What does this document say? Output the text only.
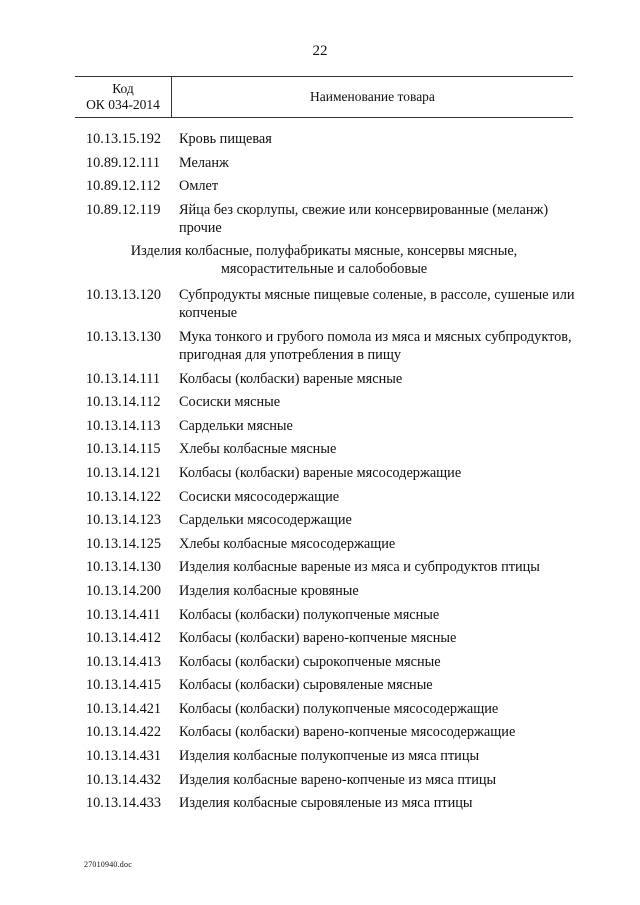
22
Код
ОК 034-2014
Наименование товара
10.13.15.192 Кровь пищевая
10.89.12.111 Меланж
10.89.12.112 Омлет
10.89.12.119 Яйца без скорлупы, свежие или консервированные (меланж) прочие
Изделия колбасные, полуфабрикаты мясные, консервы мясные, мясорастительные и салобобовые
10.13.13.120 Субпродукты мясные пищевые соленые, в рассоле, сушеные или копченые
10.13.13.130 Мука тонкого и грубого помола из мяса и мясных субпродуктов, пригодная для употребления в пищу
10.13.14.111 Колбасы (колбаски) вареные мясные
10.13.14.112 Сосиски мясные
10.13.14.113 Сардельки мясные
10.13.14.115 Хлебы колбасные мясные
10.13.14.121 Колбасы (колбаски) вареные мясосодержащие
10.13.14.122 Сосиски мясосодержащие
10.13.14.123 Сардельки мясосодержащие
10.13.14.125 Хлебы колбасные мясосодержащие
10.13.14.130 Изделия колбасные вареные из мяса и субпродуктов птицы
10.13.14.200 Изделия колбасные кровяные
10.13.14.411 Колбасы (колбаски) полукопченые мясные
10.13.14.412 Колбасы (колбаски) варено-копченые мясные
10.13.14.413 Колбасы (колбаски) сырокопченые мясные
10.13.14.415 Колбасы (колбаски) сыровяленые мясные
10.13.14.421 Колбасы (колбаски) полукопченые мясосодержащие
10.13.14.422 Колбасы (колбаски) варено-копченые мясосодержащие
10.13.14.431 Изделия колбасные полукопченые из мяса птицы
10.13.14.432 Изделия колбасные варено-копченые из мяса птицы
10.13.14.433 Изделия колбасные сыровяленые из мяса птицы
27010940.doc
